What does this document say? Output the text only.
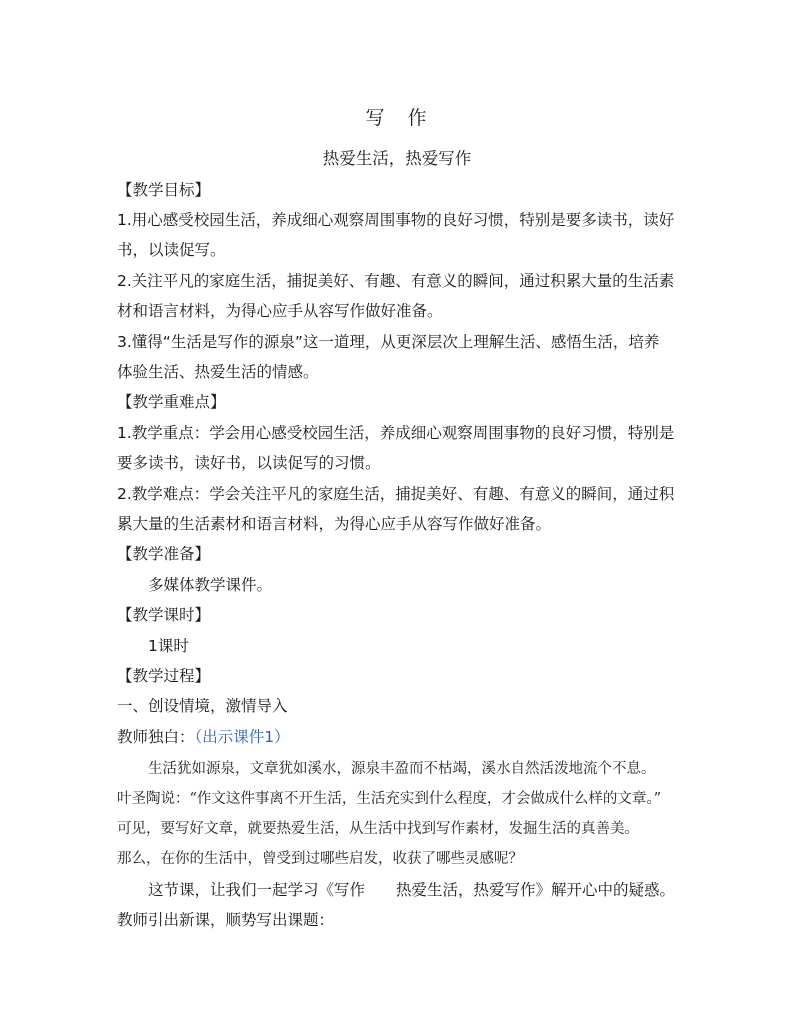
写　作
热爱生活，热爱写作
【教学目标】
1.用心感受校园生活，养成细心观察周围事物的良好习惯，特别是要多读书，读好
书，以读促写。
2.关注平凡的家庭生活，捕捉美好、有趣、有意义的瞬间，通过积累大量的生活素
材和语言材料，为得心应手从容写作做好准备。
3.懂得“生活是写作的源泉”这一道理，从更深层次上理解生活、感悟生活，培养
体验生活、热爱生活的情感。
【教学重难点】
1.教学重点：学会用心感受校园生活，养成细心观察周围事物的良好习惯，特别是
要多读书，读好书，以读促写的习惯。
2.教学难点：学会关注平凡的家庭生活，捕捉美好、有趣、有意义的瞬间，通过积
累大量的生活素材和语言材料，为得心应手从容写作做好准备。
【教学准备】
多媒体教学课件。
【教学课时】
1课时
【教学过程】
一、创设情境，激情导入
教师独白：（出示课件1）
生活犹如源泉，文章犹如溪水，源泉丰盈而不枯竭，溪水自然活泼地流个不息。
叶圣陶说：“作文这件事离不开生活，生活充实到什么程度，才会做成什么样的文章。”
可见，要写好文章，就要热爱生活，从生活中找到写作素材，发掘生活的真善美。
那么，在你的生活中，曾受到过哪些启发，收获了哪些灵感呢？
这节课，让我们一起学习《写作　　热爱生活，热爱写作》解开心中的疑惑。
教师引出新课，顺势写出课题：
